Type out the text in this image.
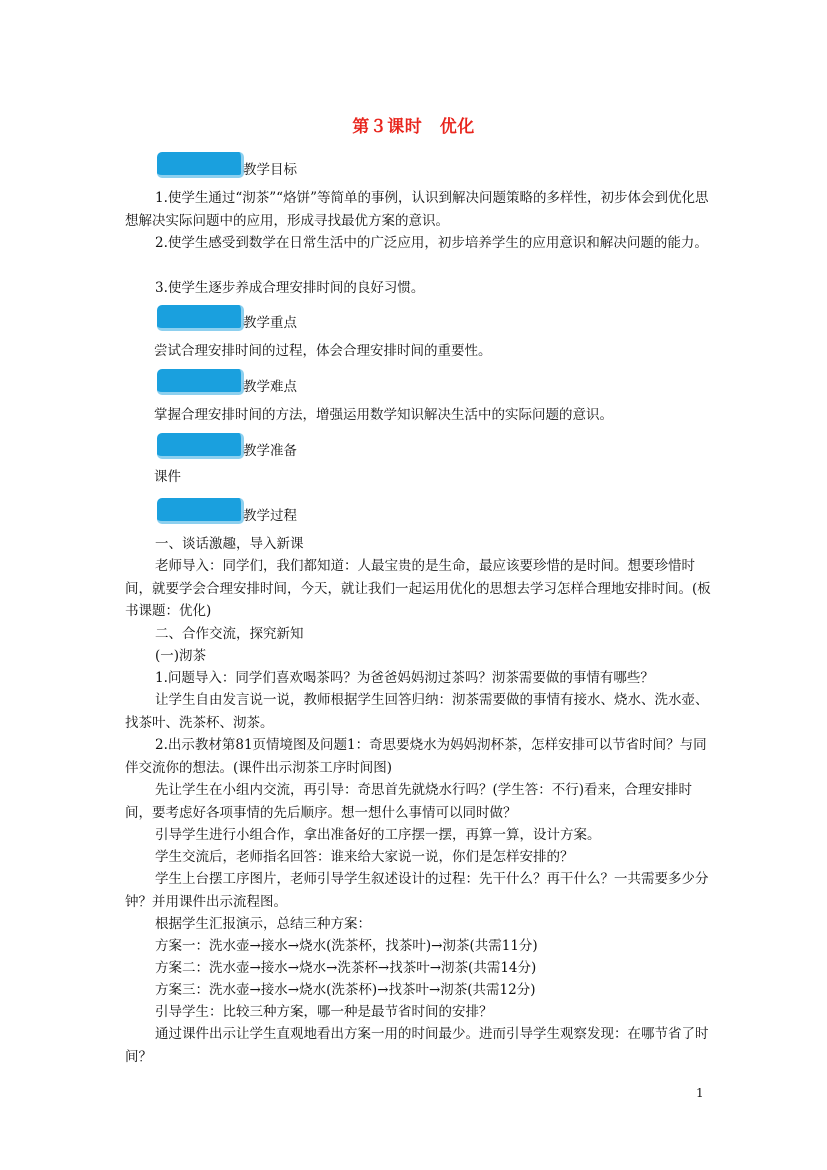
第３课时　优化
教学目标

1.使学生通过“沏茶”“烙饼”等简单的事例，认识到解决问题策略的多样性，初步体会到优化思想解决实际问题中的应用，形成寻找最优方案的意识。

2.使学生感受到数学在日常生活中的广泛应用，初步培养学生的应用意识和解决问题的能力。

3.使学生逐步养成合理安排时间的良好习惯。

教学重点

尝试合理安排时间的过程，体会合理安排时间的重要性。

教学难点

掌握合理安排时间的方法，增强运用数学知识解决生活中的实际问题的意识。

教学准备

课件

教学过程

一、谈话激趣，导入新课

老师导入：同学们，我们都知道：人最宝贵的是生命，最应该要珍惜的是时间。想要珍惜时间，就要学会合理安排时间，今天，就让我们一起运用优化的思想去学习怎样合理地安排时间。(板书课题：优化)

二、合作交流，探究新知

(一)沏茶

1.问题导入：同学们喜欢喝茶吗？为爸爸妈妈沏过茶吗？沏茶需要做的事情有哪些？

让学生自由发言说一说，教师根据学生回答归纳：沏茶需要做的事情有接水、烧水、洗水壶、找茶叶、洗茶杯、沏茶。

2.出示教材第81页情境图及问题1：奇思要烧水为妈妈沏杯茶，怎样安排可以节省时间？与同伴交流你的想法。(课件出示沏茶工序时间图)

先让学生在小组内交流，再引导：奇思首先就烧水行吗？(学生答：不行)看来，合理安排时间，要考虑好各项事情的先后顺序。想一想什么事情可以同时做？

引导学生进行小组合作，拿出准备好的工序摆一摆，再算一算，设计方案。

学生交流后，老师指名回答：谁来给大家说一说，你们是怎样安排的？

学生上台摆工序图片，老师引导学生叙述设计的过程：先干什么？再干什么？一共需要多少分钟？并用课件出示流程图。

根据学生汇报演示，总结三种方案：

方案一：洗水壶→接水→烧水(洗茶杯，找茶叶)→沏茶(共需11分)

方案二：洗水壶→接水→烧水→洗茶杯→找茶叶→沏茶(共需14分)

方案三：洗水壶→接水→烧水(洗茶杯)→找茶叶→沏茶(共需12分)

引导学生：比较三种方案，哪一种是最节省时间的安排？

通过课件出示让学生直观地看出方案一用的时间最少。进而引导学生观察发现：在哪节省了时间？

1
